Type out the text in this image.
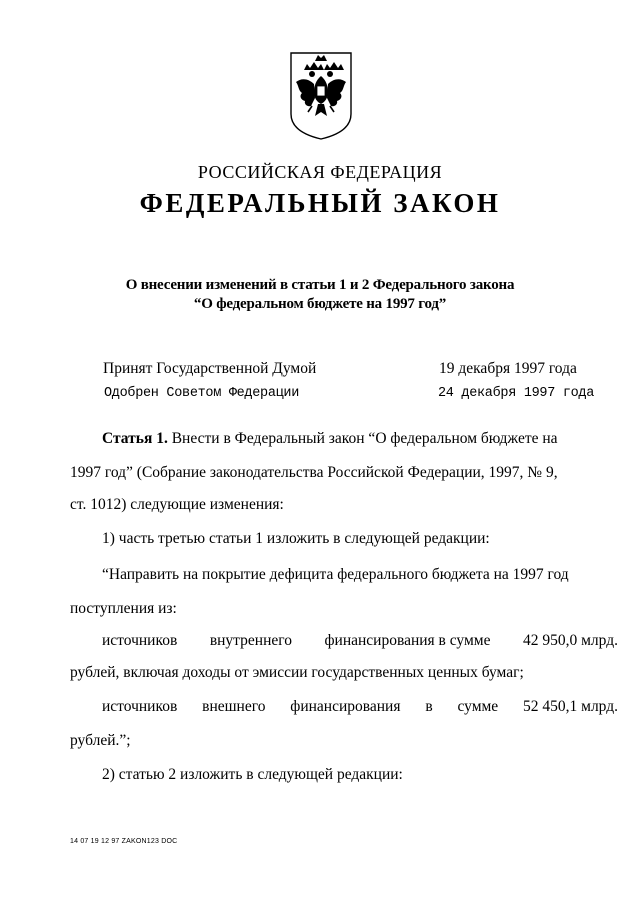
РОССИЙСКАЯ ФЕДЕРАЦИЯ
ФЕДЕРАЛЬНЫЙ ЗАКОН
О внесении изменений в статьи 1 и 2 Федерального закона
“О федеральном бюджете на 1997 год”
Принят Государственной Думой	19 декабря 1997 года
Одобрен Советом Федерации	24 декабря 1997 года
Статья 1. Внести в Федеральный закон “О федеральном бюджете на
1997 год” (Собрание законодательства Российской Федерации, 1997, № 9,
ст. 1012) следующие изменения:
1) часть третью статьи 1 изложить в следующей редакции:
“Направить на покрытие дефицита федерального бюджета на 1997 год
поступления из:
источников внутреннего финансирования в сумме 42 950,0 млрд.
рублей, включая доходы от эмиссии государственных ценных бумаг;
источников внешнего финансирования в сумме 52 450,1 млрд.
рублей.”;
2) статью 2 изложить в следующей редакции:
14 07 19 12 97 ZAKON123 DOC
